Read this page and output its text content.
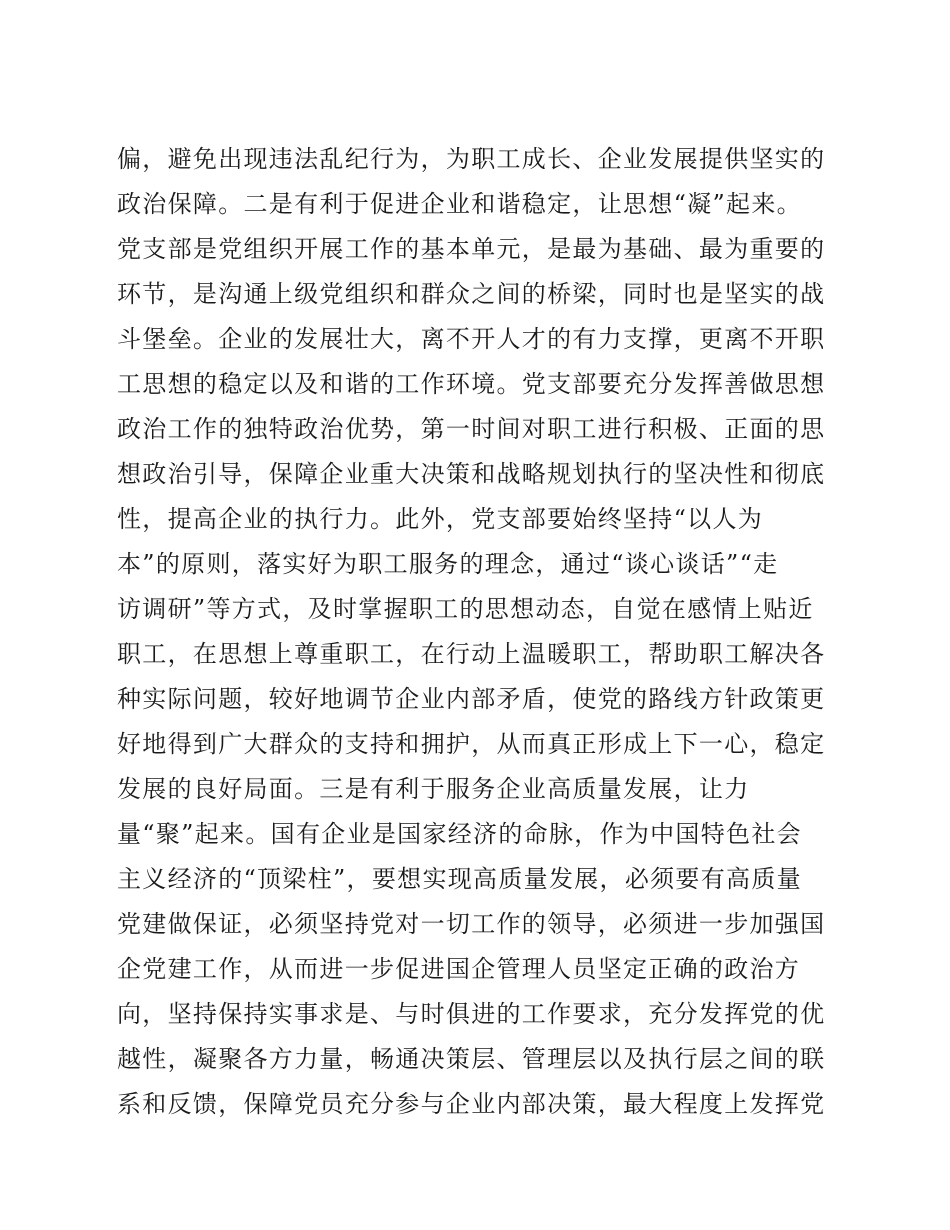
偏，避免出现违法乱纪行为，为职工成长、企业发展提供坚实的
政治保障。二是有利于促进企业和谐稳定，让思想“凝”起来。
党支部是党组织开展工作的基本单元，是最为基础、最为重要的
环节，是沟通上级党组织和群众之间的桥梁，同时也是坚实的战
斗堡垒。企业的发展壮大，离不开人才的有力支撑，更离不开职
工思想的稳定以及和谐的工作环境。党支部要充分发挥善做思想
政治工作的独特政治优势，第一时间对职工进行积极、正面的思
想政治引导，保障企业重大决策和战略规划执行的坚决性和彻底
性，提高企业的执行力。此外，党支部要始终坚持“以人为
本”的原则，落实好为职工服务的理念，通过“谈心谈话”“走
访调研”等方式，及时掌握职工的思想动态，自觉在感情上贴近
职工，在思想上尊重职工，在行动上温暖职工，帮助职工解决各
种实际问题，较好地调节企业内部矛盾，使党的路线方针政策更
好地得到广大群众的支持和拥护，从而真正形成上下一心，稳定
发展的良好局面。三是有利于服务企业高质量发展，让力
量“聚”起来。国有企业是国家经济的命脉，作为中国特色社会
主义经济的“顶梁柱”，要想实现高质量发展，必须要有高质量
党建做保证，必须坚持党对一切工作的领导，必须进一步加强国
企党建工作，从而进一步促进国企管理人员坚定正确的政治方
向，坚持保持实事求是、与时俱进的工作要求，充分发挥党的优
越性，凝聚各方力量，畅通决策层、管理层以及执行层之间的联
系和反馈，保障党员充分参与企业内部决策，最大程度上发挥党
